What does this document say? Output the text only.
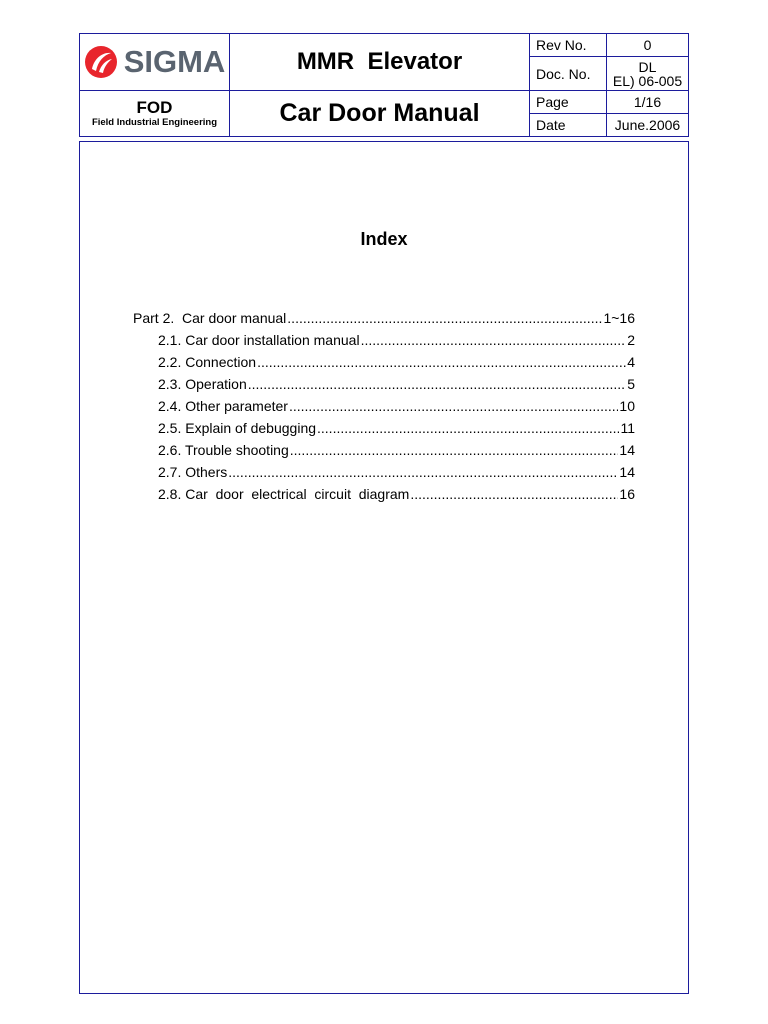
SIGMA	MMR  Elevator	Rev No.	0
		Doc. No.	DL
EL) 06-005

FOD
Field Industrial Engineering	Car Door Manual	Page	1/16
		Date	June.2006
Index
Part 2.  Car door manual .....	1~16
2.1. Car door installation manual .....	2
2.2. Connection .....	4
2.3. Operation .....	5
2.4. Other parameter .....	10
2.5. Explain of debugging .....	11
2.6. Trouble shooting .....	14
2.7. Others .....	14
2.8. Car  door  electrical  circuit  diagram .....	16
